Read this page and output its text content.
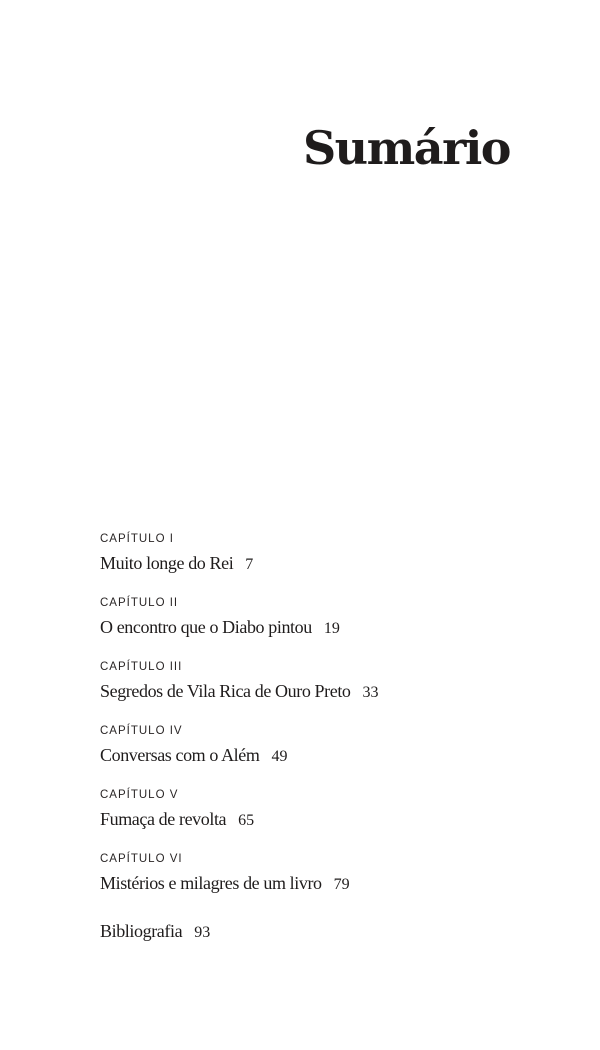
Sumário
CAPÍTULO I
Muito longe do Rei 7
CAPÍTULO II
O encontro que o Diabo pintou 19
CAPÍTULO III
Segredos de Vila Rica de Ouro Preto 33
CAPÍTULO IV
Conversas com o Além 49
CAPÍTULO V
Fumaça de revolta 65
CAPÍTULO VI
Mistérios e milagres de um livro 79
Bibliografia 93
